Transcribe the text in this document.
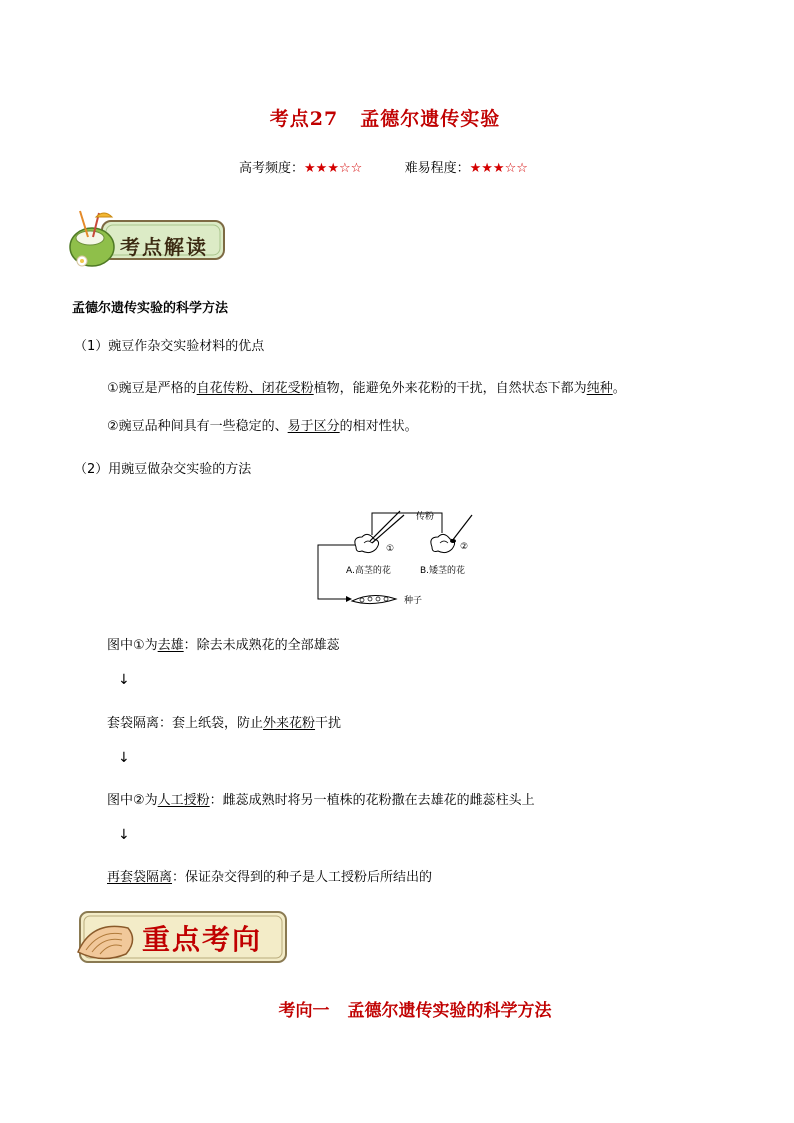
考点27 孟德尔遗传实验
高考频度：★★★☆☆	难易程度：★★★☆☆
考点解读
孟德尔遗传实验的科学方法
（1）豌豆作杂交实验材料的优点
①豌豆是严格的自花传粉、闭花受粉植物，能避免外来花粉的干扰，自然状态下都为纯种。
②豌豆品种间具有一些稳定的、易于区分的相对性状。
（2）用豌豆做杂交实验的方法
传粉
①	②
A.高茎的花	B.矮茎的花
种子
图中①为去雄：除去未成熟花的全部雄蕊
↓
套袋隔离：套上纸袋，防止外来花粉干扰
↓
图中②为人工授粉：雌蕊成熟时将另一植株的花粉撒在去雄花的雌蕊柱头上
↓
再套袋隔离：保证杂交得到的种子是人工授粉后所结出的
重点考向
考向一 孟德尔遗传实验的科学方法
